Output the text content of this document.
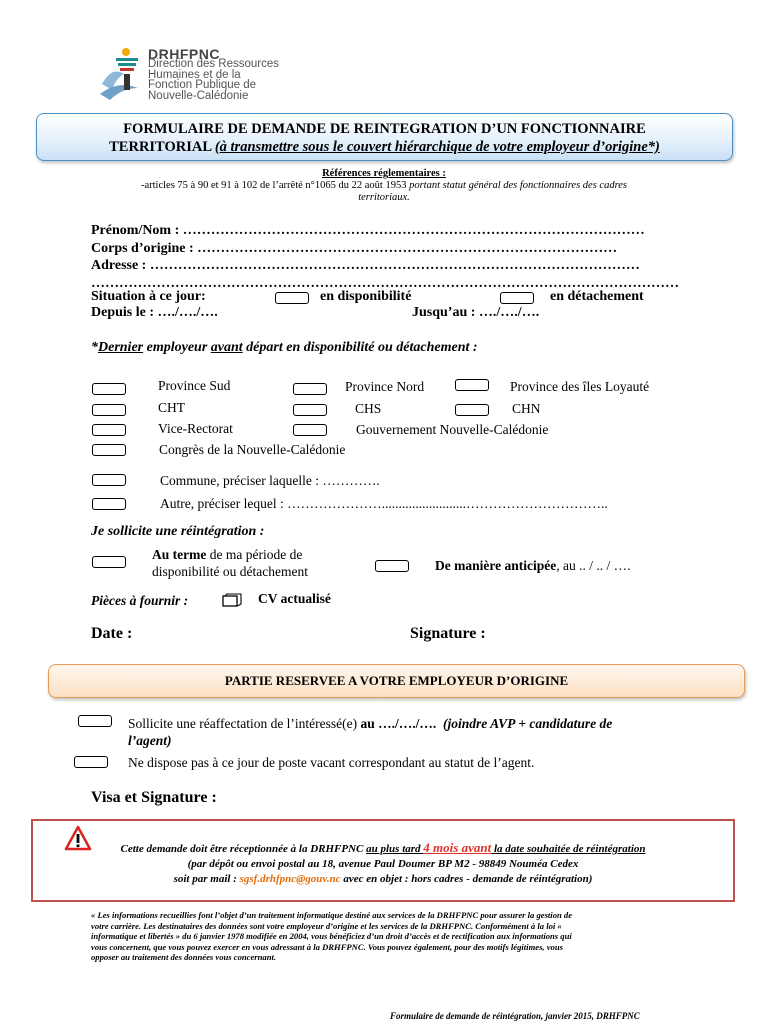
DRHFPNC
Direction des Ressources
Humaines et de la
Fonction Publique de
Nouvelle-Calédonie
FORMULAIRE DE DEMANDE DE REINTEGRATION D’UN FONCTIONNAIRE
TERRITORIAL (à transmettre sous le couvert hiérarchique de votre employeur d’origine*)
Références réglementaires :
-articles 75 à 90 et 91 à 102 de l’arrêté n°1065 du 22 août 1953 portant statut général des fonctionnaires des cadres
territoriaux.
Prénom/Nom : ………………………………………………………………………………………
Corps d’origine : ………………………………………………………………………………
Adresse : ……………………………………………………………………………………………
………………………………………………………………………………………………………………
Situation à ce jour:	en disponibilité	en détachement
Depuis le : …./…./….	Jusqu’au : …./…./….
*Dernier employeur avant départ en disponibilité ou détachement :
Province Sud	Province Nord	Province des îles Loyauté
CHT	CHS	CHN
Vice-Rectorat	Gouvernement Nouvelle-Calédonie
Congrès de la Nouvelle-Calédonie
Commune, préciser laquelle : ………….
Autre, préciser lequel : ………………….........................…………………………..
Je sollicite une réintégration :
Au terme de ma période de
disponibilité ou détachement	De manière anticipée, au .. / .. / ….
Pièces à fournir :	CV actualisé
Date :	Signature :
PARTIE RESERVEE A VOTRE EMPLOYEUR D’ORIGINE
Sollicite une réaffectation de l’intéressé(e) au …./…./…. (joindre AVP + candidature de
l’agent)
Ne dispose pas à ce jour de poste vacant correspondant au statut de l’agent.
Visa et Signature :
Cette demande doit être réceptionnée à la DRHFPNC au plus tard 4 mois avant la date souhaitée de réintégration
(par dépôt ou envoi postal au 18, avenue Paul Doumer BP M2 - 98849 Nouméa Cedex
soit par mail : sgsf.drhfpnc@gouv.nc avec en objet : hors cadres - demande de réintégration)
« Les informations recueillies font l’objet d’un traitement informatique destiné aux services de la DRHFPNC pour assurer la gestion de
votre carrière. Les destinataires des données sont votre employeur d’origine et les services de la DRHFPNC. Conformément à la loi «
informatique et libertés » du 6 janvier 1978 modifiée en 2004, vous bénéficiez d’un droit d’accès et de rectification aux informations qui
vous concernent, que vous pouvez exercer en vous adressant à la DRHFPNC. Vous pouvez également, pour des motifs légitimes, vous
opposer au traitement des données vous concernant.
Formulaire de demande de réintégration, janvier 2015, DRHFPNC
